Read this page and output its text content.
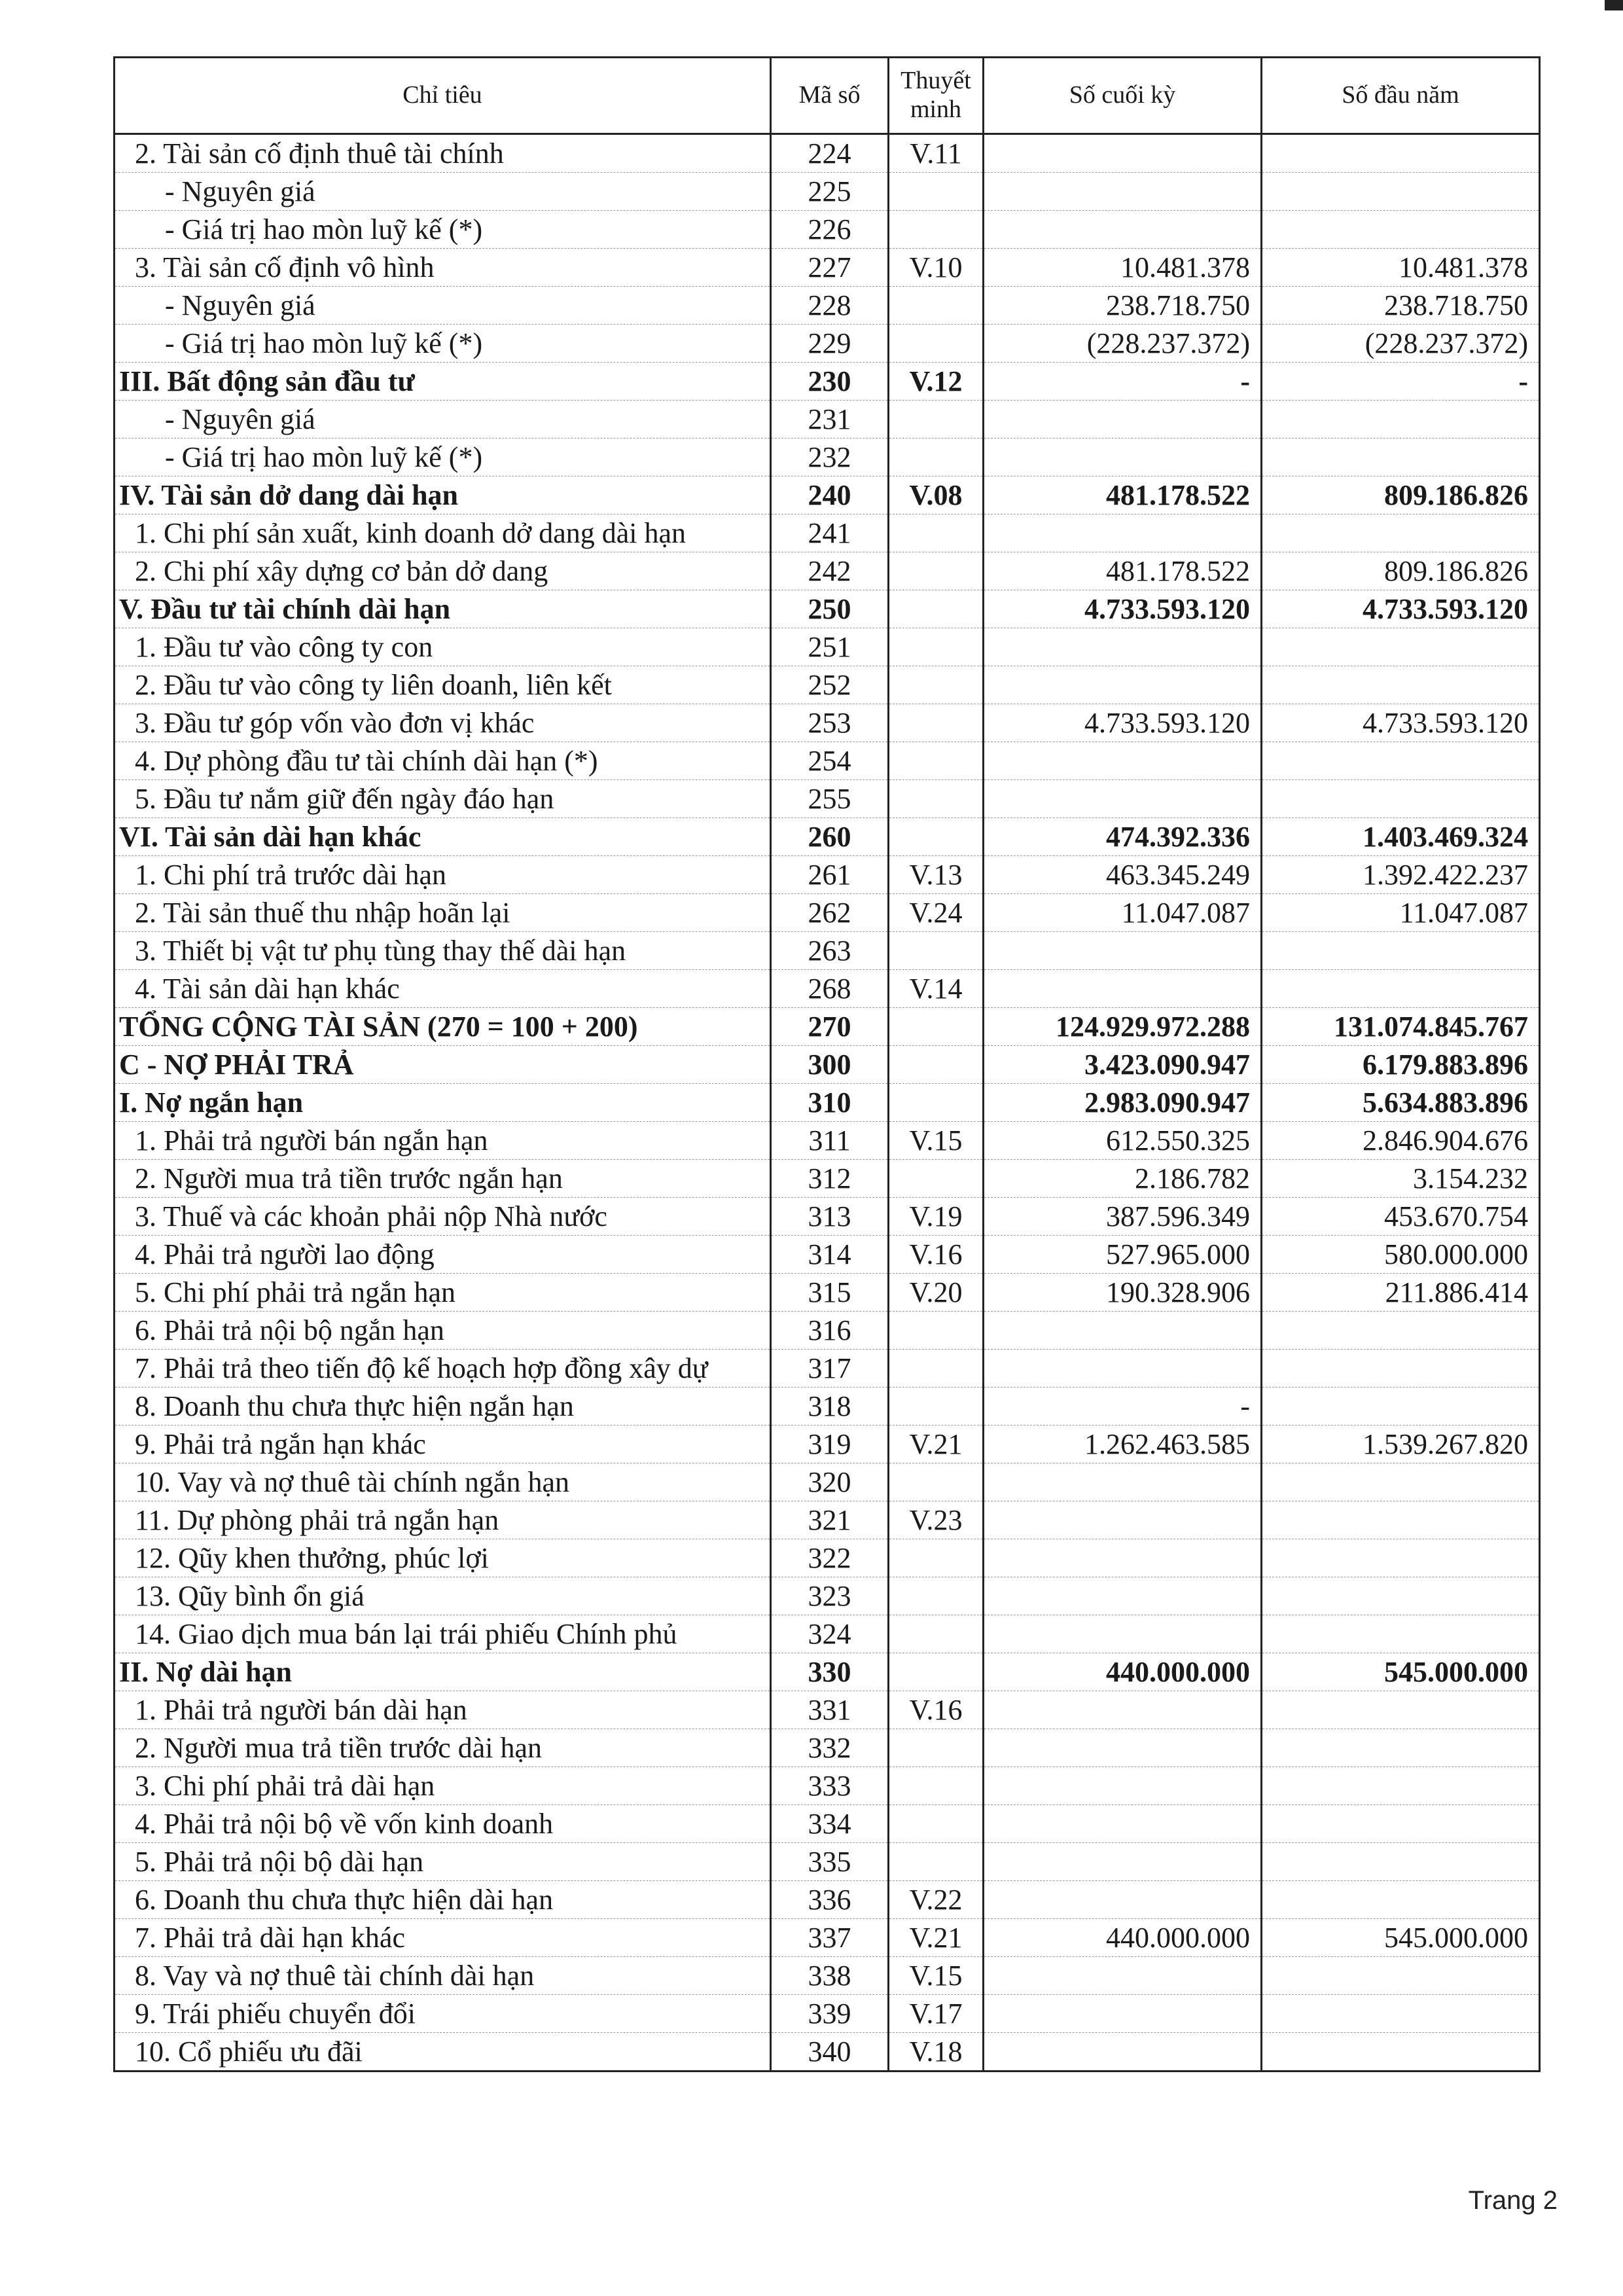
Chỉ tiêu	Mã số	Thuyết minh	Số cuối kỳ	Số đầu năm
2. Tài sản cố định thuê tài chính	224	V.11		
- Nguyên giá	225			
- Giá trị hao mòn luỹ kế (*)	226			
3. Tài sản cố định vô hình	227	V.10	10.481.378	10.481.378
- Nguyên giá	228		238.718.750	238.718.750
- Giá trị hao mòn luỹ kế (*)	229		(228.237.372)	(228.237.372)
III. Bất động sản đầu tư	230	V.12	-	-
- Nguyên giá	231			
- Giá trị hao mòn luỹ kế (*)	232			
IV. Tài sản dở dang dài hạn	240	V.08	481.178.522	809.186.826
1. Chi phí sản xuất, kinh doanh dở dang dài hạn	241			
2. Chi phí xây dựng cơ bản dở dang	242		481.178.522	809.186.826
V. Đầu tư tài chính dài hạn	250		4.733.593.120	4.733.593.120
1. Đầu tư vào công ty con	251			
2. Đầu tư vào công ty liên doanh, liên kết	252			
3. Đầu tư góp vốn vào đơn vị khác	253		4.733.593.120	4.733.593.120
4. Dự phòng đầu tư tài chính dài hạn (*)	254			
5. Đầu tư nắm giữ đến ngày đáo hạn	255			
VI. Tài sản dài hạn khác	260		474.392.336	1.403.469.324
1. Chi phí trả trước dài hạn	261	V.13	463.345.249	1.392.422.237
2. Tài sản thuế thu nhập hoãn lại	262	V.24	11.047.087	11.047.087
3. Thiết bị vật tư phụ tùng thay thế dài hạn	263			
4. Tài sản dài hạn khác	268	V.14		
TỔNG CỘNG TÀI SẢN (270 = 100 + 200)	270		124.929.972.288	131.074.845.767
C - NỢ PHẢI TRẢ	300		3.423.090.947	6.179.883.896
I. Nợ ngắn hạn	310		2.983.090.947	5.634.883.896
1. Phải trả người bán ngắn hạn	311	V.15	612.550.325	2.846.904.676
2. Người mua trả tiền trước ngắn hạn	312		2.186.782	3.154.232
3. Thuế và các khoản phải nộp Nhà nước	313	V.19	387.596.349	453.670.754
4. Phải trả người lao động	314	V.16	527.965.000	580.000.000
5. Chi phí phải trả ngắn hạn	315	V.20	190.328.906	211.886.414
6. Phải trả nội bộ ngắn hạn	316			
7. Phải trả theo tiến độ kế hoạch hợp đồng xây dự	317			
8. Doanh thu chưa thực hiện ngắn hạn	318		-	
9. Phải trả ngắn hạn khác	319	V.21	1.262.463.585	1.539.267.820
10. Vay và nợ thuê tài chính ngắn hạn	320			
11. Dự phòng phải trả ngắn hạn	321	V.23		
12. Qũy khen thưởng, phúc lợi	322			
13. Qũy bình ổn giá	323			
14. Giao dịch mua bán lại trái phiếu Chính phủ	324			
II. Nợ dài hạn	330		440.000.000	545.000.000
1. Phải trả người bán dài hạn	331	V.16		
2. Người mua trả tiền trước dài hạn	332			
3. Chi phí phải trả dài hạn	333			
4. Phải trả nội bộ về vốn kinh doanh	334			
5. Phải trả nội bộ dài hạn	335			
6. Doanh thu chưa thực hiện dài hạn	336	V.22		
7. Phải trả dài hạn khác	337	V.21	440.000.000	545.000.000
8. Vay và nợ thuê tài chính dài hạn	338	V.15		
9. Trái phiếu chuyển đổi	339	V.17		
10. Cổ phiếu ưu đãi	340	V.18		
Trang 2
